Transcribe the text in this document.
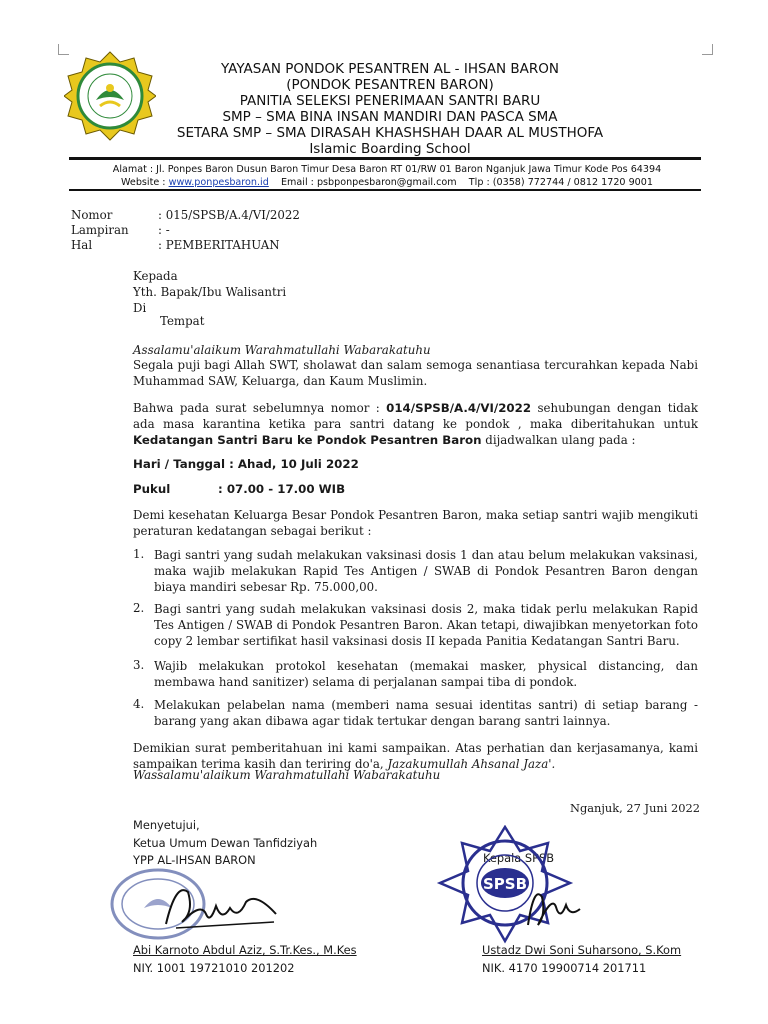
YAYASAN PONDOK PESANTREN AL - IHSAN BARON
(PONDOK PESANTREN BARON)
PANITIA SELEKSI PENERIMAAN SANTRI BARU
SMP – SMA BINA INSAN MANDIRI DAN PASCA SMA
SETARA SMP – SMA DIRASAH KHASHSHAH DAAR AL MUSTHOFA
Islamic Boarding School
Alamat : Jl. Ponpes Baron Dusun Baron Timur Desa Baron RT 01/RW 01 Baron Nganjuk Jawa Timur Kode Pos 64394
Website : www.ponpesbaron.id Email : psbponpesbaron@gmail.com Tlp : (0358) 772744 / 0812 1720 9001
Nomor	: 015/SPSB/A.4/VI/2022
Lampiran : -
Hal	: PEMBERITAHUAN
Kepada
Yth. Bapak/Ibu Walisantri
Di
Tempat
Assalamu'alaikum Warahmatullahi Wabarakatuhu
Segala puji bagi Allah SWT, sholawat dan salam semoga senantiasa tercurahkan kepada Nabi Muhammad SAW, Keluarga, dan Kaum Muslimin.
Bahwa pada surat sebelumnya nomor : 014/SPSB/A.4/VI/2022 sehubungan dengan tidak ada masa karantina ketika para santri datang ke pondok , maka diberitahukan untuk Kedatangan Santri Baru ke Pondok Pesantren Baron dijadwalkan ulang pada :
Hari / Tanggal : Ahad, 10 Juli 2022
Pukul	: 07.00 - 17.00 WIB
Demi kesehatan Keluarga Besar Pondok Pesantren Baron, maka setiap santri wajib mengikuti peraturan kedatangan sebagai berikut :
1. Bagi santri yang sudah melakukan vaksinasi dosis 1 dan atau belum melakukan vaksinasi, maka wajib melakukan Rapid Tes Antigen / SWAB di Pondok Pesantren Baron dengan biaya mandiri sebesar Rp. 75.000,00.
2. Bagi santri yang sudah melakukan vaksinasi dosis 2, maka tidak perlu melakukan Rapid Tes Antigen / SWAB di Pondok Pesantren Baron. Akan tetapi, diwajibkan menyetorkan foto copy 2 lembar sertifikat hasil vaksinasi dosis II kepada Panitia Kedatangan Santri Baru.
3. Wajib melakukan protokol kesehatan (memakai masker, physical distancing, dan membawa hand sanitizer) selama di perjalanan sampai tiba di pondok.
4. Melakukan pelabelan nama (memberi nama sesuai identitas santri) di setiap barang - barang yang akan dibawa agar tidak tertukar dengan barang santri lainnya.
Demikian surat pemberitahuan ini kami sampaikan. Atas perhatian dan kerjasamanya, kami sampaikan terima kasih dan teriring do'a, Jazakumullah Ahsanal Jaza'.
Wassalamu'alaikum Warahmatullahi Wabarakatuhu
Nganjuk, 27 Juni 2022
Menyetujui,
Ketua Umum Dewan Tanfidziyah
YPP AL-IHSAN BARON	Kepala SPSB
SPSB
Abi Karnoto Abdul Aziz, S.Tr.Kes., M.Kes
NIY. 1001 19721010 201202
Ustadz Dwi Soni Suharsono, S.Kom
NIK. 4170 19900714 201711
